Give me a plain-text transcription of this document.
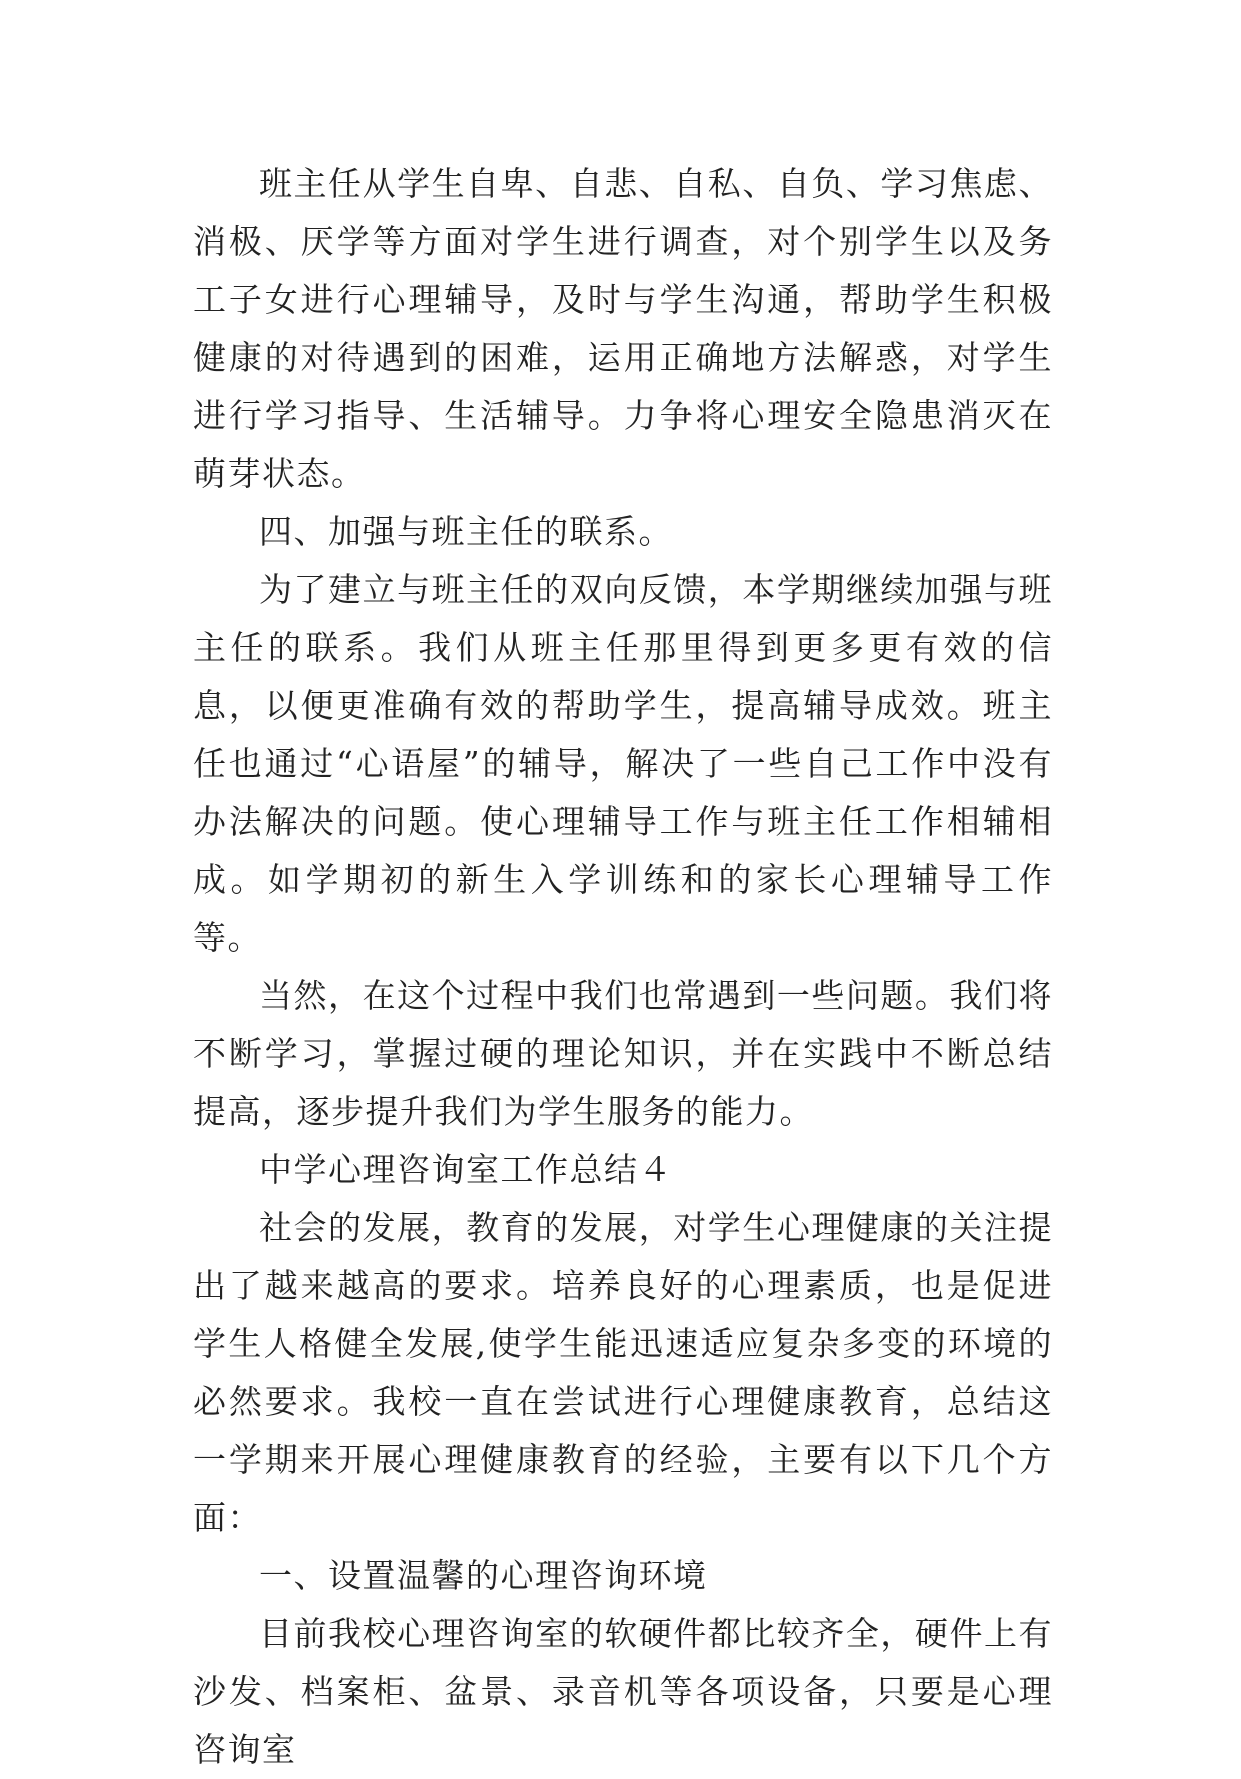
班主任从学生自卑、自悲、自私、自负、学习焦虑、消极、厌学等方面对学生进行调查，对个别学生以及务工子女进行心理辅导，及时与学生沟通，帮助学生积极健康的对待遇到的困难，运用正确地方法解惑，对学生进行学习指导、生活辅导。力争将心理安全隐患消灭在萌芽状态。

四、加强与班主任的联系。

为了建立与班主任的双向反馈，本学期继续加强与班主任的联系。我们从班主任那里得到更多更有效的信息，以便更准确有效的帮助学生，提高辅导成效。班主任也通过“心语屋”的辅导，解决了一些自己工作中没有办法解决的问题。使心理辅导工作与班主任工作相辅相成。如学期初的新生入学训练和的家长心理辅导工作等。

当然，在这个过程中我们也常遇到一些问题。我们将不断学习，掌握过硬的理论知识，并在实践中不断总结提高，逐步提升我们为学生服务的能力。

中学心理咨询室工作总结４

社会的发展，教育的发展，对学生心理健康的关注提出了越来越高的要求。培养良好的心理素质，也是促进学生人格健全发展,使学生能迅速适应复杂多变的环境的必然要求。我校一直在尝试进行心理健康教育，总结这一学期来开展心理健康教育的经验，主要有以下几个方面：

一、设置温馨的心理咨询环境

目前我校心理咨询室的软硬件都比较齐全，硬件上有沙发、档案柜、盆景、录音机等各项设备，只要是心理咨询室
